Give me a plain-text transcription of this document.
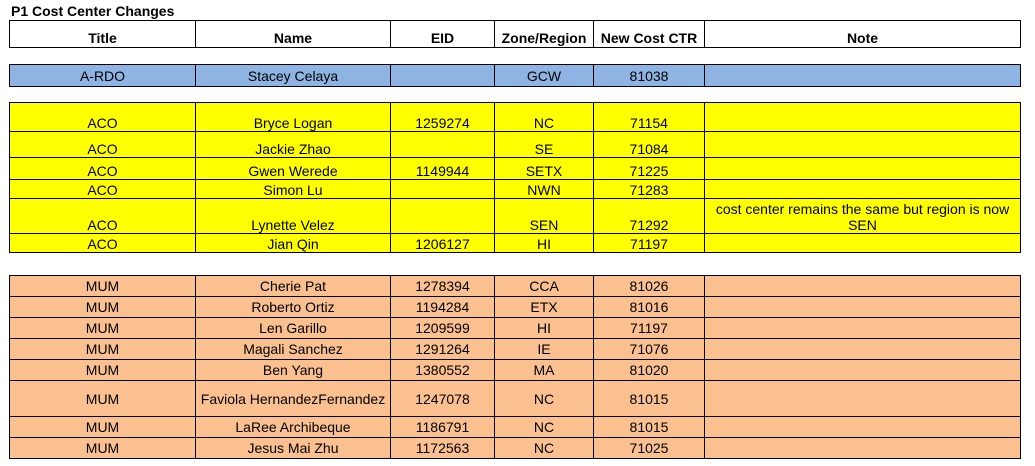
P1 Cost Center Changes
Title	Name	EID	Zone/Region	New Cost CTR	Note
A-RDO	Stacey Celaya		GCW	81038	
ACO	Bryce Logan	1259274	NC	71154	
ACO	Jackie Zhao		SE	71084	
ACO	Gwen Werede	1149944	SETX	71225	
ACO	Simon Lu		NWN	71283	
ACO	Lynette Velez		SEN	71292	cost center remains the same but region is now SEN
ACO	Jian Qin	1206127	HI	71197	
MUM	Cherie Pat	1278394	CCA	81026	
MUM	Roberto Ortiz	1194284	ETX	81016	
MUM	Len Garillo	1209599	HI	71197	
MUM	Magali Sanchez	1291264	IE	71076	
MUM	Ben Yang	1380552	MA	81020	
MUM	Faviola HernandezFernandez	1247078	NC	81015	
MUM	LaRee Archibeque	1186791	NC	81015	
MUM	Jesus Mai Zhu	1172563	NC	71025	
